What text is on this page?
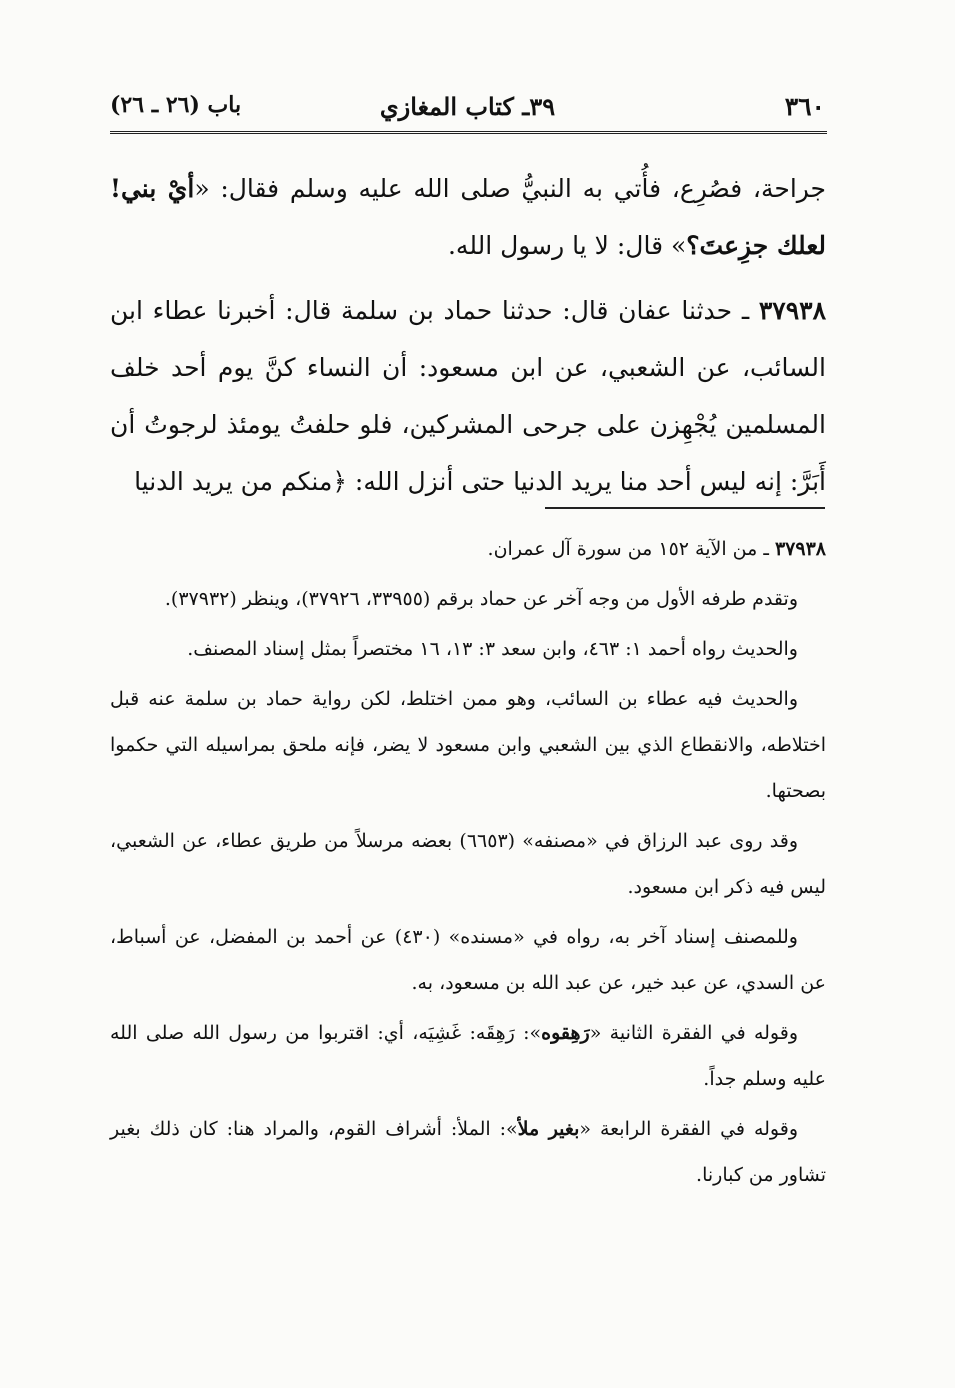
٣٦٠
٣٩ـ كتاب المغازي
باب (٢٦ ـ ٢٦)

جراحة، فصُرِع، فأُتي به النبيُّ صلى الله عليه وسلم فقال: «أيْ بني! لعلك جزِعتَ؟» قال: لا يا رسول الله.

٣٧٩٣٨ ـ حدثنا عفان قال: حدثنا حماد بن سلمة قال: أخبرنا عطاء ابن السائب، عن الشعبي، عن ابن مسعود: أن النساء كنَّ يوم أحد خلف المسلمين يُجْهِزن على جرحى المشركين، فلو حلفتُ يومئذ لرجوتُ أن أَبَرَّ: إنه ليس أحد منا يريد الدنيا حتى أنزل الله: ﴿منكم من يريد الدنيا

٣٧٩٣٨ ـ من الآية ١٥٢ من سورة آل عمران.

وتقدم طرفه الأول من وجه آخر عن حماد برقم (٣٣٩٥٥، ٣٧٩٢٦)، وينظر (٣٧٩٣٢).

والحديث رواه أحمد ١: ٤٦٣، وابن سعد ٣: ١٣، ١٦ مختصراً بمثل إسناد المصنف.

والحديث فيه عطاء بن السائب، وهو ممن اختلط، لكن رواية حماد بن سلمة عنه قبل اختلاطه، والانقطاع الذي بين الشعبي وابن مسعود لا يضر، فإنه ملحق بمراسيله التي حكموا بصحتها.

وقد روى عبد الرزاق في «مصنفه» (٦٦٥٣) بعضه مرسلاً من طريق عطاء، عن الشعبي، ليس فيه ذكر ابن مسعود.

وللمصنف إسناد آخر به، رواه في «مسنده» (٤٣٠) عن أحمد بن المفضل، عن أسباط، عن السدي، عن عبد خير، عن عبد الله بن مسعود، به.

وقوله في الفقرة الثانية «رَهِقوه»: رَهِقَه: غَشِيَه، أي: اقتربوا من رسول الله صلى الله عليه وسلم جداً.

وقوله في الفقرة الرابعة «بغير ملأ»: الملأ: أشراف القوم، والمراد هنا: كان ذلك بغير تشاور من كبارنا.
